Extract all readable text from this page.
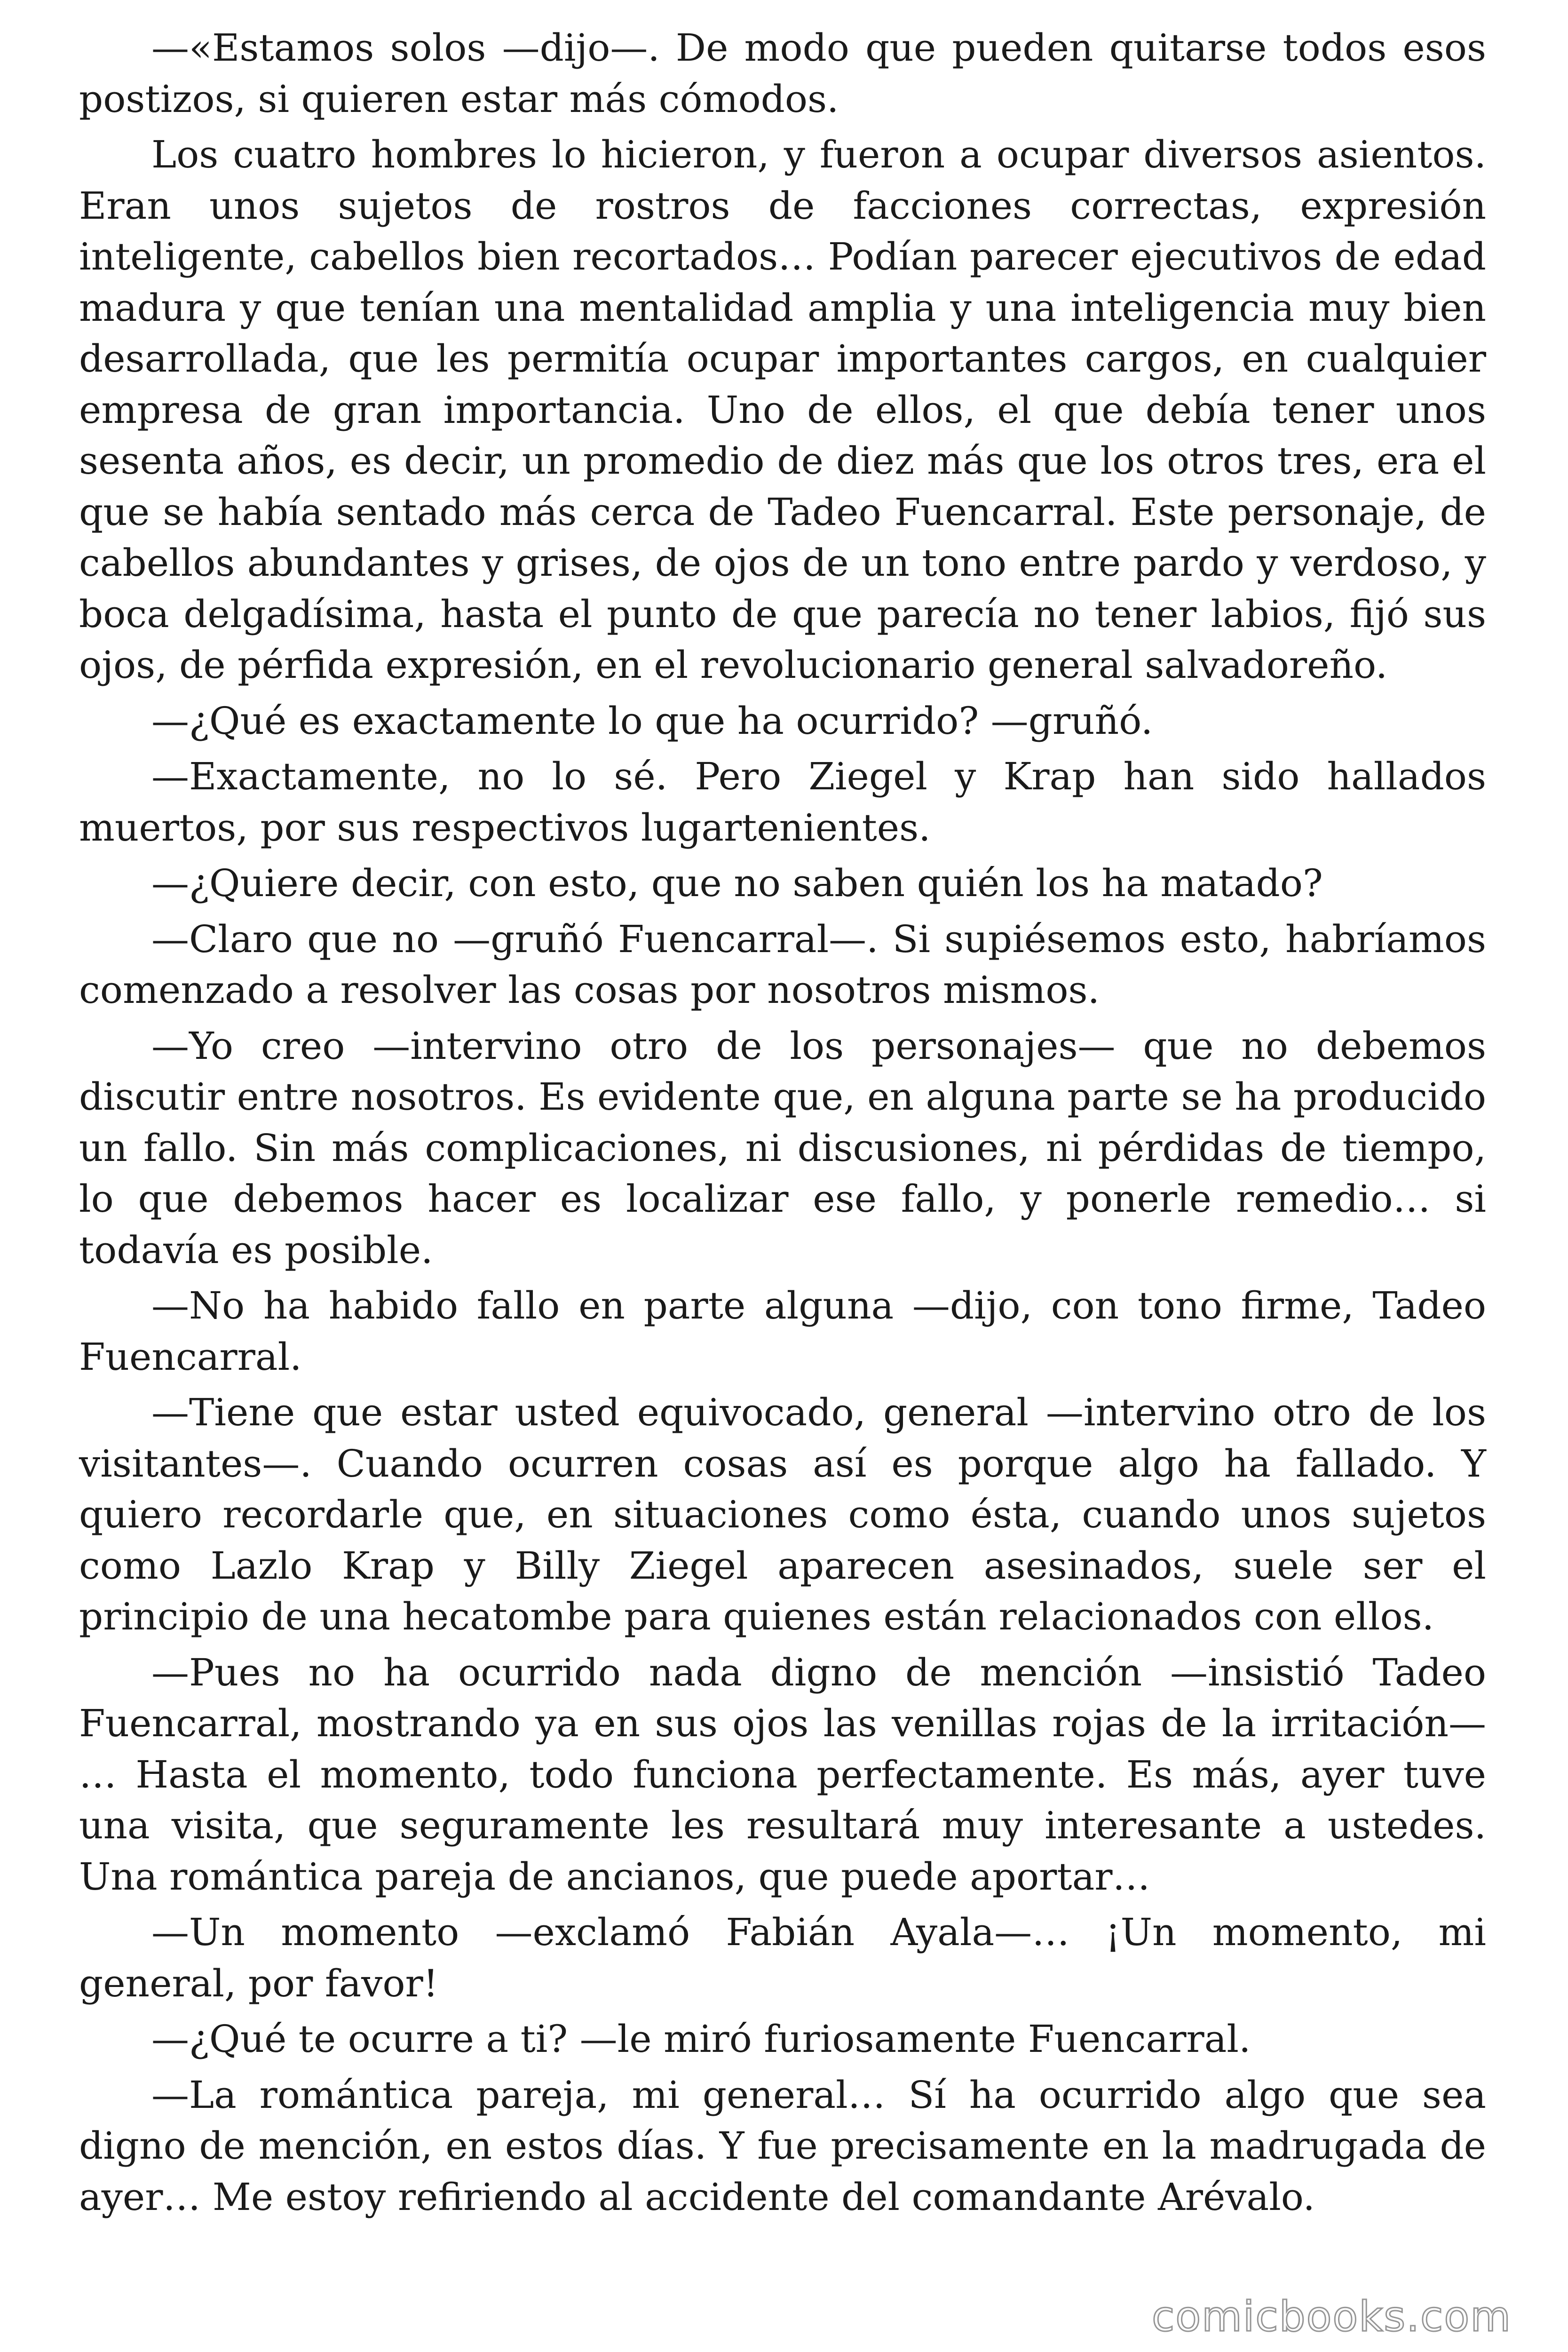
—«Estamos solos —dijo—. De modo que pueden quitarse todos esos postizos, si quieren estar más cómodos.

Los cuatro hombres lo hicieron, y fueron a ocupar diversos asientos. Eran unos sujetos de rostros de facciones correctas, expresión inteligente, cabellos bien recortados… Podían parecer ejecutivos de edad madura y que tenían una mentalidad amplia y una inteligencia muy bien desarrollada, que les permitía ocupar importantes cargos, en cualquier empresa de gran importancia. Uno de ellos, el que debía tener unos sesenta años, es decir, un promedio de diez más que los otros tres, era el que se había sentado más cerca de Tadeo Fuencarral. Este personaje, de cabellos abundantes y grises, de ojos de un tono entre pardo y verdoso, y boca delgadísima, hasta el punto de que parecía no tener labios, fijó sus ojos, de pérfida expresión, en el revolucionario general salvadoreño.

—¿Qué es exactamente lo que ha ocurrido? —gruñó.

—Exactamente, no lo sé. Pero Ziegel y Krap han sido hallados muertos, por sus respectivos lugartenientes.

—¿Quiere decir, con esto, que no saben quién los ha matado?

—Claro que no —gruñó Fuencarral—. Si supiésemos esto, habríamos comenzado a resolver las cosas por nosotros mismos.

—Yo creo —intervino otro de los personajes— que no debemos discutir entre nosotros. Es evidente que, en alguna parte se ha producido un fallo. Sin más complicaciones, ni discusiones, ni pérdidas de tiempo, lo que debemos hacer es localizar ese fallo, y ponerle remedio… si todavía es posible.

—No ha habido fallo en parte alguna —dijo, con tono firme, Tadeo Fuencarral.

—Tiene que estar usted equivocado, general —intervino otro de los visitantes—. Cuando ocurren cosas así es porque algo ha fallado. Y quiero recordarle que, en situaciones como ésta, cuando unos sujetos como Lazlo Krap y Billy Ziegel aparecen asesinados, suele ser el principio de una hecatombe para quienes están relacionados con ellos.

—Pues no ha ocurrido nada digno de mención —insistió Tadeo Fuencarral, mostrando ya en sus ojos las venillas rojas de la irritación— … Hasta el momento, todo funciona perfectamente. Es más, ayer tuve una visita, que seguramente les resultará muy interesante a ustedes. Una romántica pareja de ancianos, que puede aportar…

—Un momento —exclamó Fabián Ayala—… ¡Un momento, mi general, por favor!

—¿Qué te ocurre a ti? —le miró furiosamente Fuencarral.

—La romántica pareja, mi general… Sí ha ocurrido algo que sea digno de mención, en estos días. Y fue precisamente en la madrugada de ayer… Me estoy refiriendo al accidente del comandante Arévalo.

comicbooks.com
